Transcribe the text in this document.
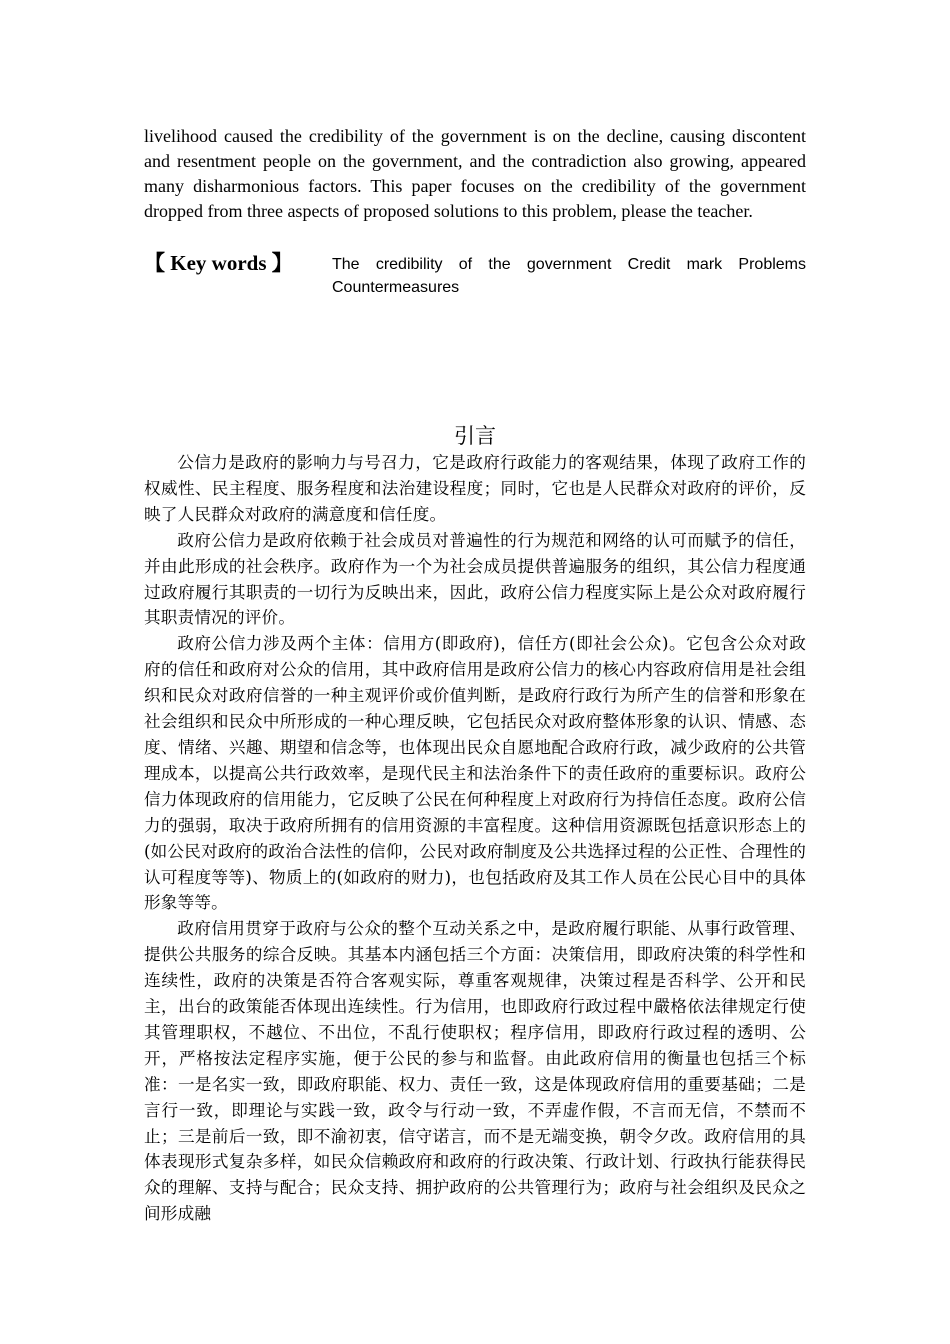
livelihood caused the credibility of the government is on the decline, causing discontent and resentment people on the government, and the contradiction also growing, appeared many disharmonious factors. This paper focuses on the credibility of the government dropped from three aspects of proposed solutions to this problem, please the teacher.
【 Key words 】 The credibility of the government Credit mark Problems
Countermeasures
引言

公信力是政府的影响力与号召力，它是政府行政能力的客观结果，体现了政府工作的权威性、民主程度、服务程度和法治建设程度；同时，它也是人民群众对政府的评价，反映了人民群众对政府的满意度和信任度。

政府公信力是政府依赖于社会成员对普遍性的行为规范和网络的认可而赋予的信任，并由此形成的社会秩序。政府作为一个为社会成员提供普遍服务的组织，其公信力程度通过政府履行其职责的一切行为反映出来，因此，政府公信力程度实际上是公众对政府履行其职责情况的评价。

政府公信力涉及两个主体：信用方(即政府)，信任方(即社会公众)。它包含公众对政府的信任和政府对公众的信用，其中政府信用是政府公信力的核心内容政府信用是社会组织和民众对政府信誉的一种主观评价或价值判断，是政府行政行为所产生的信誉和形象在社会组织和民众中所形成的一种心理反映，它包括民众对政府整体形象的认识、情感、态度、情绪、兴趣、期望和信念等，也体现出民众自愿地配合政府行政，减少政府的公共管理成本，以提高公共行政效率，是现代民主和法治条件下的责任政府的重要标识。政府公信力体现政府的信用能力，它反映了公民在何种程度上对政府行为持信任态度。政府公信力的强弱，取决于政府所拥有的信用资源的丰富程度。这种信用资源既包括意识形态上的(如公民对政府的政治合法性的信仰，公民对政府制度及公共选择过程的公正性、合理性的认可程度等等)、物质上的(如政府的财力)，也包括政府及其工作人员在公民心目中的具体形象等等。

政府信用贯穿于政府与公众的整个互动关系之中，是政府履行职能、从事行政管理、提供公共服务的综合反映。其基本内涵包括三个方面：决策信用，即政府决策的科学性和连续性，政府的决策是否符合客观实际，尊重客观规律，决策过程是否科学、公开和民主，出台的政策能否体现出连续性。行为信用，也即政府行政过程中嚴格依法律规定行使其管理职权，不越位、不出位，不乱行使职权；程序信用，即政府行政过程的透明、公开，严格按法定程序实施，便于公民的参与和监督。由此政府信用的衡量也包括三个标准：一是名实一致，即政府职能、权力、责任一致，这是体现政府信用的重要基础；二是言行一致，即理论与实践一致，政令与行动一致，不弄虚作假，不言而无信，不禁而不止；三是前后一致，即不渝初衷，信守诺言，而不是无端变换，朝令夕改。政府信用的具体表现形式复杂多样，如民众信赖政府和政府的行政决策、行政计划、行政执行能获得民众的理解、支持与配合；民众支持、拥护政府的公共管理行为；政府与社会组织及民众之间形成融
